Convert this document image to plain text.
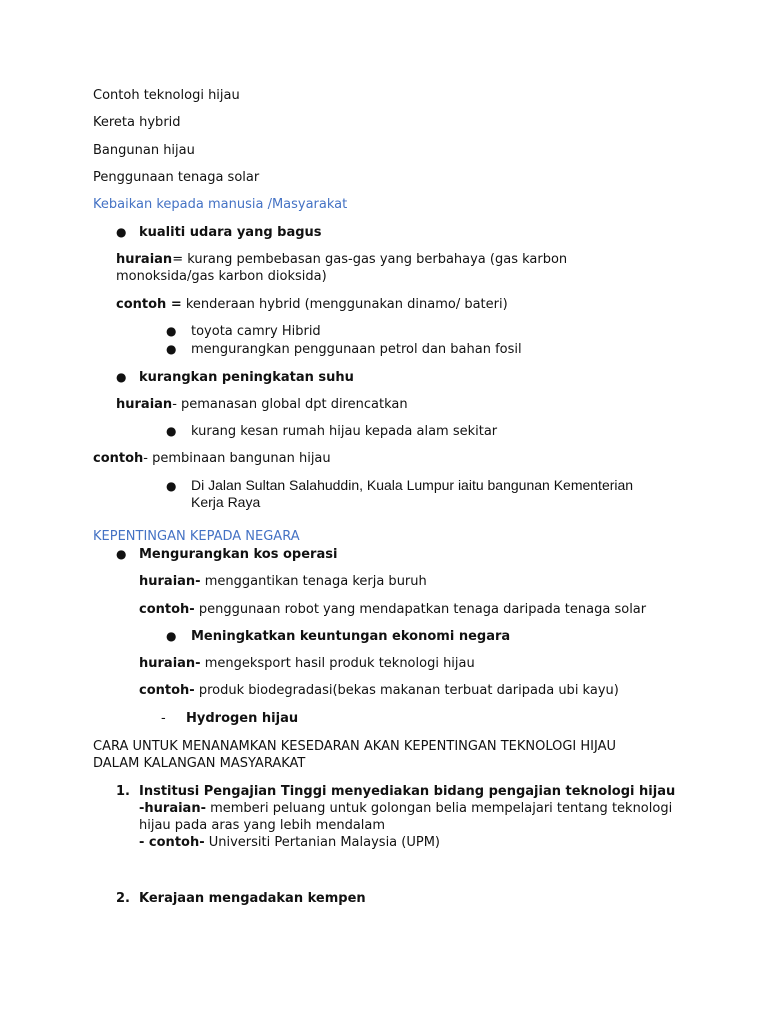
Contoh teknologi hijau
Kereta hybrid
Bangunan hijau
Penggunaan tenaga solar
Kebaikan kepada manusia /Masyarakat
● kualiti udara yang bagus
huraian= kurang pembebasan gas-gas yang berbahaya (gas karbon monoksida/gas karbon dioksida)
contoh = kenderaan hybrid (menggunakan dinamo/ bateri)
● toyota camry Hibrid
● mengurangkan penggunaan petrol dan bahan fosil
● kurangkan peningkatan suhu
huraian- pemanasan global dpt direncatkan
● kurang kesan rumah hijau kepada alam sekitar
contoh- pembinaan bangunan hijau
● Di Jalan Sultan Salahuddin, Kuala Lumpur iaitu bangunan Kementerian Kerja Raya
KEPENTINGAN KEPADA NEGARA
● Mengurangkan kos operasi
huraian- menggantikan tenaga kerja buruh
contoh- penggunaan robot yang mendapatkan tenaga daripada tenaga solar
● Meningkatkan keuntungan ekonomi negara
huraian- mengeksport hasil produk teknologi hijau
contoh- produk biodegradasi(bekas makanan terbuat daripada ubi kayu)
- Hydrogen hijau
CARA UNTUK MENANAMKAN KESEDARAN AKAN KEPENTINGAN TEKNOLOGI HIJAU DALAM KALANGAN MASYARAKAT
1. Institusi Pengajian Tinggi menyediakan bidang pengajian teknologi hijau
-huraian- memberi peluang untuk golongan belia mempelajari tentang teknologi hijau pada aras yang lebih mendalam
- contoh- Universiti Pertanian Malaysia (UPM)
2. Kerajaan mengadakan kempen
